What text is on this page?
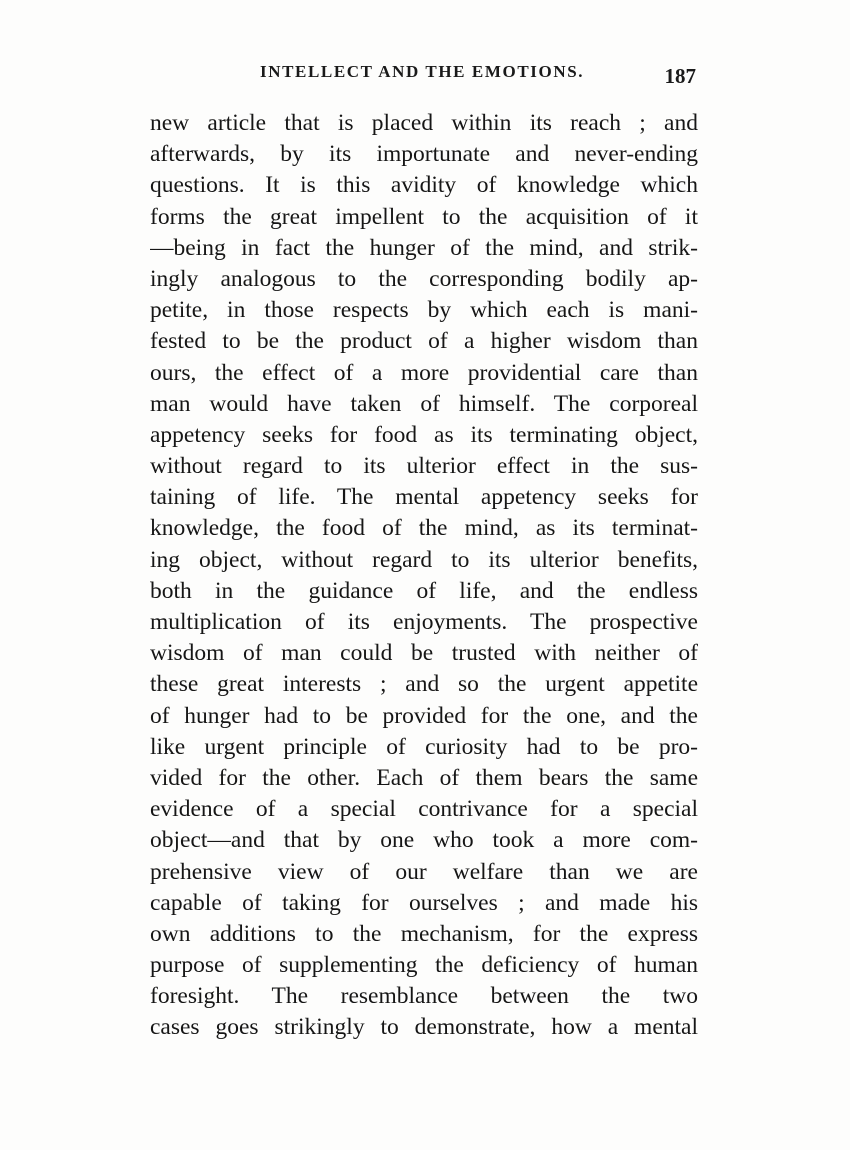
INTELLECT AND THE EMOTIONS.	187
new article that is placed within its reach ; and
afterwards, by its importunate and never-ending
questions. It is this avidity of knowledge which
forms the great impellent to the acquisition of it
—being in fact the hunger of the mind, and strik-
ingly analogous to the corresponding bodily ap-
petite, in those respects by which each is mani-
fested to be the product of a higher wisdom than
ours, the effect of a more providential care than
man would have taken of himself. The corporeal
appetency seeks for food as its terminating object,
without regard to its ulterior effect in the sus-
taining of life. The mental appetency seeks for
knowledge, the food of the mind, as its terminat-
ing object, without regard to its ulterior benefits,
both in the guidance of life, and the endless
multiplication of its enjoyments. The prospective
wisdom of man could be trusted with neither of
these great interests ; and so the urgent appetite
of hunger had to be provided for the one, and the
like urgent principle of curiosity had to be pro-
vided for the other. Each of them bears the same
evidence of a special contrivance for a special
object—and that by one who took a more com-
prehensive view of our welfare than we are
capable of taking for ourselves ; and made his
own additions to the mechanism, for the express
purpose of supplementing the deficiency of human
foresight. The resemblance between the two
cases goes strikingly to demonstrate, how a mental
